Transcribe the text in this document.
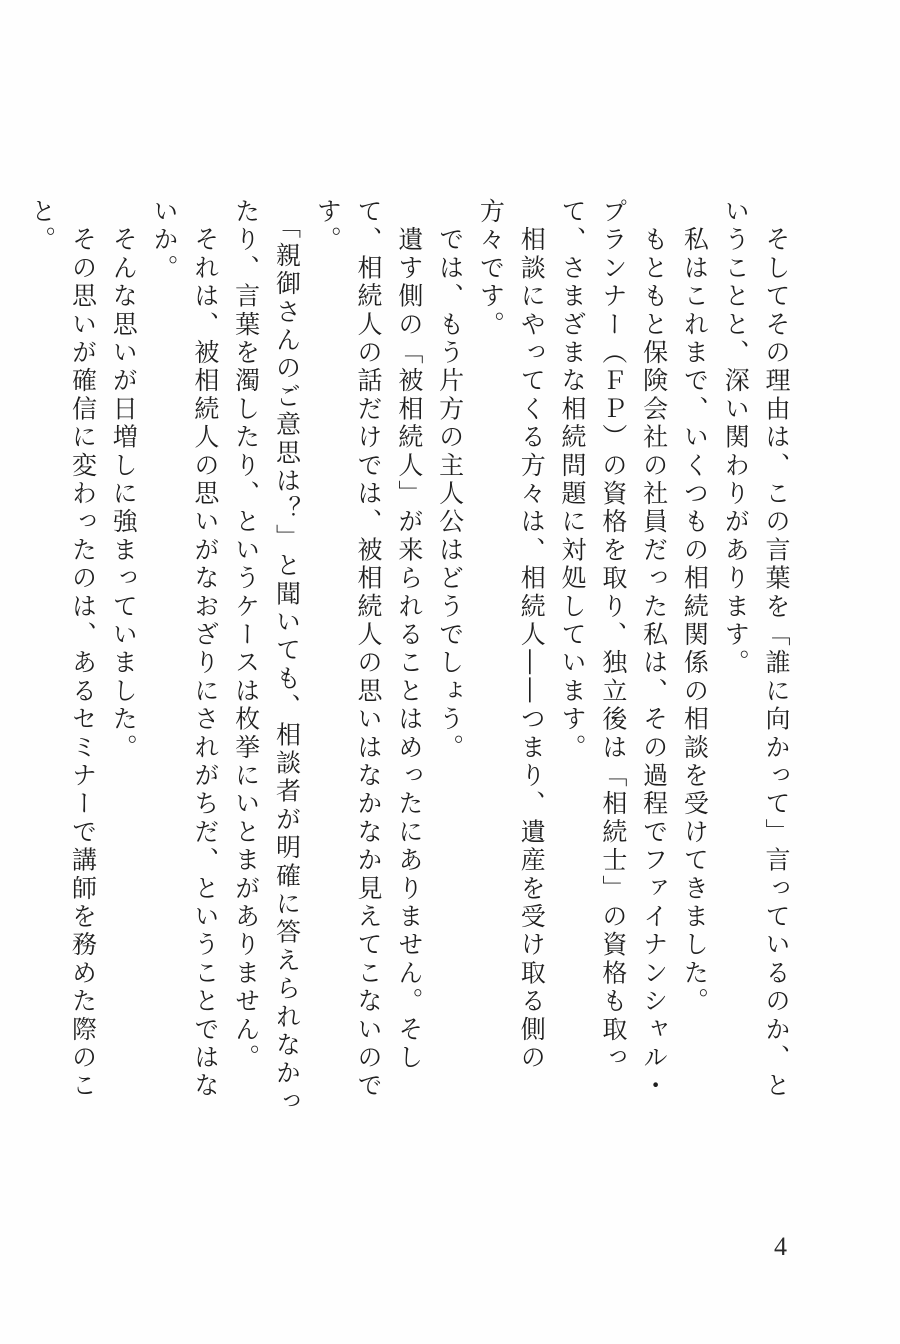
　そしてその理由は、この言葉を「誰に向かって」言っているのか、ということと、深い関わりがあります。
　私はこれまで、いくつもの相続関係の相談を受けてきました。
　もともと保険会社の社員だった私は、その過程でファイナンシャル・プランナー（ＦＰ）の資格を取り、独立後は「相続士」の資格も取って、さまざまな相続問題に対処しています。
　相談にやってくる方々は、相続人――つまり、遺産を受け取る側の方々です。
　では、もう片方の主人公はどうでしょう。
　遺す側の「被相続人」が来られることはめったにありません。そして、相続人の話だけでは、被相続人の思いはなかなか見えてこないのです。
　「親御さんのご意思は？」と聞いても、相談者が明確に答えられなかったり、言葉を濁したり、というケースは枚挙にいとまがありません。
　それは、被相続人の思いがなおざりにされがちだ、ということではないか。
　そんな思いが日増しに強まっていました。
　その思いが確信に変わったのは、あるセミナーで講師を務めた際のこと。
4
